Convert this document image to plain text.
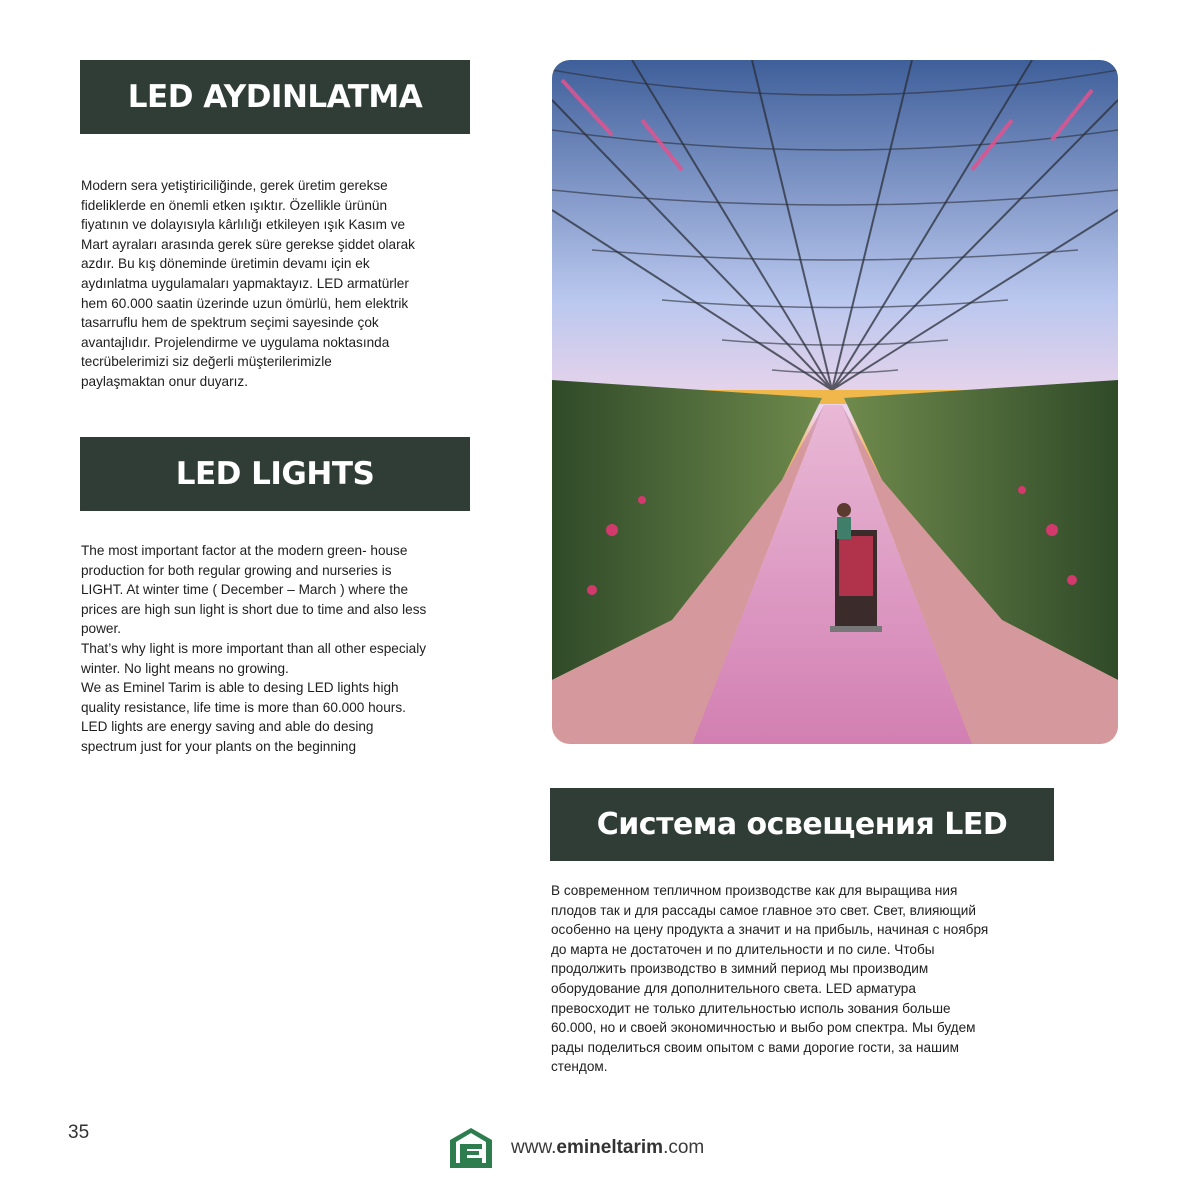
LED AYDINLATMA

Modern sera yetiştiriciliğinde, gerek üretim gerekse

fideliklerde en önemli etken ışıktır. Özellikle ürünün

fiyatının ve dolayısıyla kârlılığı etkileyen ışık Kasım ve

Mart ayraları arasında gerek süre gerekse şiddet olarak

azdır. Bu kış döneminde üretimin devamı için ek

aydınlatma uygulamaları yapmaktayız. LED armatürler

hem 60.000 saatin üzerinde uzun ömürlü, hem elektrik

tasarruflu hem de spektrum seçimi sayesinde çok

avantajlıdır. Projelendirme ve uygulama noktasında

tecrübelerimizi siz değerli müşterilerimizle

paylaşmaktan onur duyarız.

LED LIGHTS

The most important factor at the modern green- house

production for both regular growing and nurseries is

LIGHT. At winter time ( December – March ) where the

prices are high sun light is short due to time and also less

power.

That’s why light is more important than all other especialy

winter. No light means no growing.

We as Eminel Tarim is able to desing LED lights high

quality resistance, life time is more than 60.000 hours.

LED lights are energy saving and able do desing

spectrum just for your plants on the beginning

Система освещения LED

В современном тепличном производстве как для выращива ния

плодов так и для рассады самое главное это свет. Свет, влияющий

особенно на цену продукта а значит и на прибыль, начиная с ноября

до марта не достаточен и по длительности и по силе. Чтобы

продолжить производство в зимний период мы производим

оборудование для дополнительного света. LED арматура

превосходит не только длительностью исполь зования больше

60.000, но и своей экономичностью и выбо ром спектра. Мы будем

рады поделиться своим опытом с вами дорогие гости, за нашим

стендом.

35
www.emineltarim.com
